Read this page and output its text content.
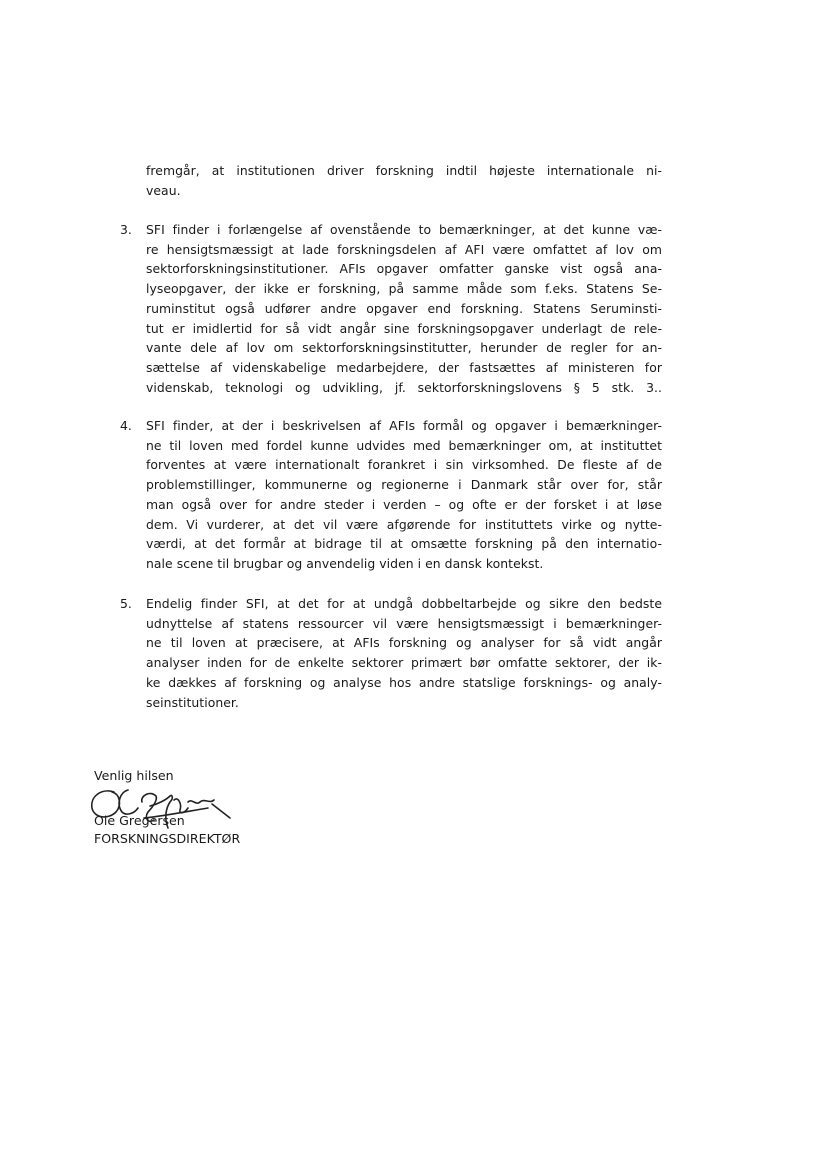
fremgår, at institutionen driver forskning indtil højeste internationale ni-
veau.
3. SFI finder i forlængelse af ovenstående to bemærkninger, at det kunne væ-
re hensigtsmæssigt at lade forskningsdelen af AFI være omfattet af lov om
sektorforskningsinstitutioner. AFIs opgaver omfatter ganske vist også ana-
lyseopgaver, der ikke er forskning, på samme måde som f.eks. Statens Se-
ruminstitut også udfører andre opgaver end forskning. Statens Seruminsti-
tut er imidlertid for så vidt angår sine forskningsopgaver underlagt de rele-
vante dele af lov om sektorforskningsinstitutter, herunder de regler for an-
sættelse af videnskabelige medarbejdere, der fastsættes af ministeren for
videnskab, teknologi og udvikling, jf. sektorforskningslovens § 5 stk. 3..
4. SFI finder, at der i beskrivelsen af AFIs formål og opgaver i bemærkninger-
ne til loven med fordel kunne udvides med bemærkninger om, at instituttet
forventes at være internationalt forankret i sin virksomhed. De fleste af de
problemstillinger, kommunerne og regionerne i Danmark står over for, står
man også over for andre steder i verden – og ofte er der forsket i at løse
dem. Vi vurderer, at det vil være afgørende for instituttets virke og nytte-
værdi, at det formår at bidrage til at omsætte forskning på den internatio-
nale scene til brugbar og anvendelig viden i en dansk kontekst.
5. Endelig finder SFI, at det for at undgå dobbeltarbejde og sikre den bedste
udnyttelse af statens ressourcer vil være hensigtsmæssigt i bemærkninger-
ne til loven at præcisere, at AFIs forskning og analyser for så vidt angår
analyser inden for de enkelte sektorer primært bør omfatte sektorer, der ik-
ke dækkes af forskning og analyse hos andre statslige forsknings- og analy-
seinstitutioner.
Venlig hilsen
Ole Gregersen
FORSKNINGSDIREKTØR
